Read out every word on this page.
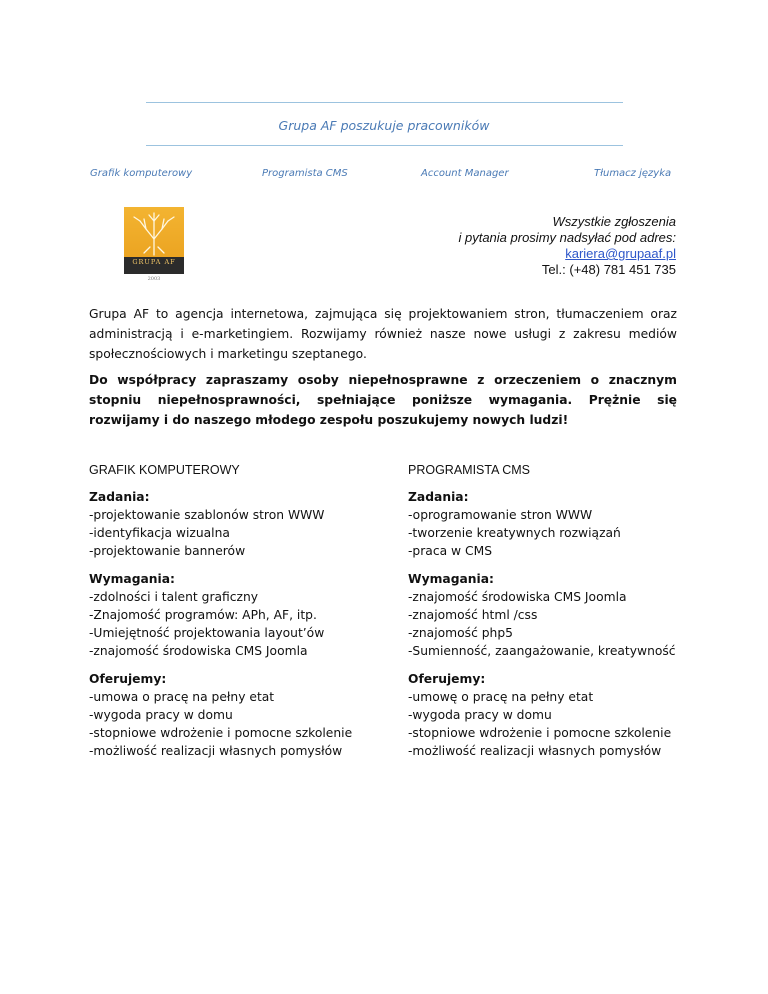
Grupa AF poszukuje pracowników
Grafik komputerowy	Programista CMS	Account Manager	Tłumacz języka
GRUPA AF
2003
Wszystkie zgłoszenia
i pytania prosimy nadsyłać pod adres:
kariera@grupaaf.pl
Tel.: (+48) 781 451 735
Grupa AF to agencja internetowa, zajmująca się projektowaniem stron, tłumaczeniem oraz administracją i e-marketingiem. Rozwijamy również nasze nowe usługi z zakresu mediów społecznościowych i marketingu szeptanego.
Do współpracy zapraszamy osoby niepełnosprawne z orzeczeniem o znacznym stopniu niepełnosprawności, spełniające poniższe wymagania. Prężnie się rozwijamy i do naszego młodego zespołu poszukujemy nowych ludzi!
GRAFIK KOMPUTEROWY
Zadania:
-projektowanie szablonów stron WWW
-identyfikacja wizualna
-projektowanie bannerów
Wymagania:
-zdolności i talent graficzny
-Znajomość programów: APh, AF, itp.
-Umiejętność projektowania layout’ów
-znajomość środowiska CMS Joomla
Oferujemy:
-umowa o pracę na pełny etat
-wygoda pracy w domu
-stopniowe wdrożenie i pomocne szkolenie
-możliwość realizacji własnych pomysłów
PROGRAMISTA CMS
Zadania:
-oprogramowanie stron WWW
-tworzenie kreatywnych rozwiązań
-praca w CMS
Wymagania:
-znajomość środowiska CMS Joomla
-znajomość html /css
-znajomość php5
-Sumienność, zaangażowanie, kreatywność
Oferujemy:
-umowę o pracę na pełny etat
-wygoda pracy w domu
-stopniowe wdrożenie i pomocne szkolenie
-możliwość realizacji własnych pomysłów
